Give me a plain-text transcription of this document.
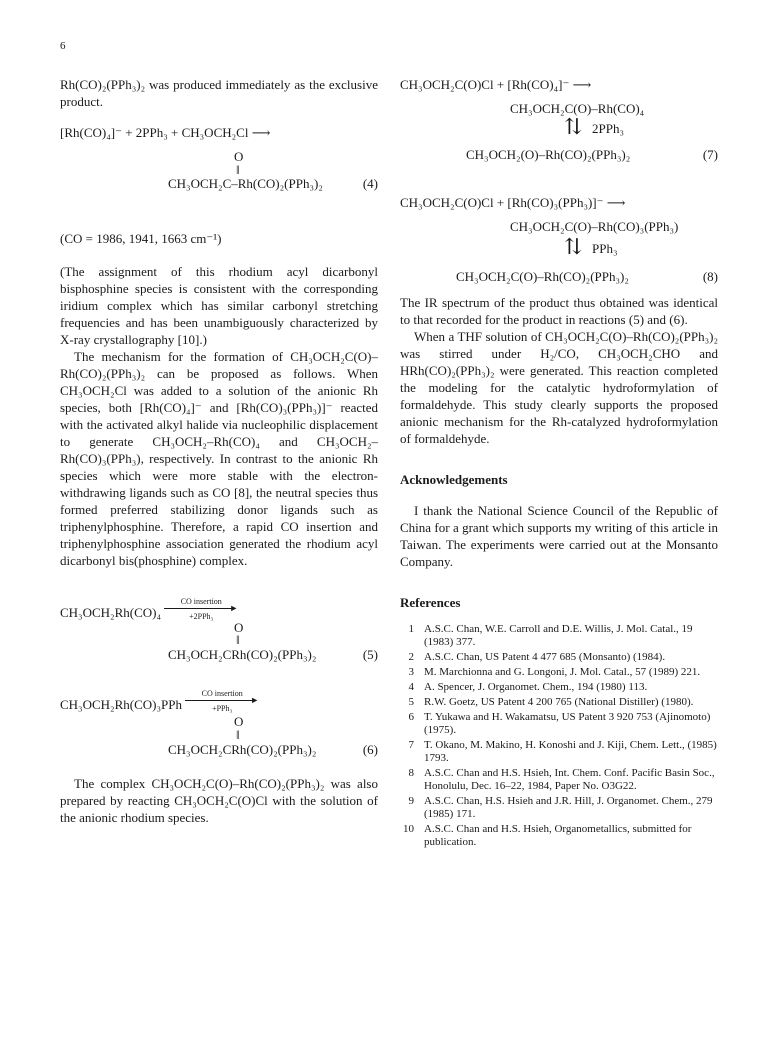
6

Rh(CO)₂(PPh₃)₂ was produced immediately as the exclusive product.

[Rh(CO)₄]⁻ + 2PPh₃ + CH₃OCH₂Cl ⟶
O
‖
CH₃OCH₂C–Rh(CO)₂(PPh₃)₂	(4)
(CO = 1986, 1941, 1663 cm⁻¹)

(The assignment of this rhodium acyl dicarbonyl bisphosphine species is consistent with the corresponding iridium complex which has similar carbonyl stretching frequencies and has been unambiguously characterized by X-ray crystallography [10].)

The mechanism for the formation of CH₃OCH₂C(O)–Rh(CO)₂(PPh₃)₂ can be proposed as follows. When CH₃OCH₂Cl was added to a solution of the anionic Rh species, both [Rh(CO)₄]⁻ and [Rh(CO)₃(PPh₃)]⁻ reacted with the activated alkyl halide via nucleophilic displacement to generate CH₃OCH₂–Rh(CO)₄ and CH₃OCH₂–Rh(CO)₃(PPh₃), respectively. In contrast to the anionic Rh species which were more stable with the electron-withdrawing ligands such as CO [8], the neutral species thus formed preferred stabilizing donor ligands such as triphenylphosphine. Therefore, a rapid CO insertion and triphenylphosphine association generated the rhodium acyl dicarbonyl bis(phosphine) complex.

CH₃OCH₂Rh(CO)₄
CO insertion
►
+2PPh₃
O
‖
CH₃OCH₂CRh(CO)₂(PPh₃)₂	(5)
CH₃OCH₂Rh(CO)₃PPh
CO insertion
►
+PPh₃
O
‖
CH₃OCH₂CRh(CO)₂(PPh₃)₂	(6)

The complex CH₃OCH₂C(O)–Rh(CO)₂(PPh₃)₂ was also prepared by reacting CH₃OCH₂C(O)Cl with the solution of the anionic rhodium species.

CH₃OCH₂C(O)Cl + [Rh(CO)₄]⁻ ⟶
CH₃OCH₂C(O)–Rh(CO)₄
⇅ 2PPh₃
CH₃OCH₂(O)–Rh(CO)₂(PPh₃)₂	(7)
CH₃OCH₂C(O)Cl + [Rh(CO)₃(PPh₃)]⁻ ⟶
CH₃OCH₂C(O)–Rh(CO)₃(PPh₃)
⇅ PPh₃
CH₃OCH₂C(O)–Rh(CO)₂(PPh₃)₂	(8)

The IR spectrum of the product thus obtained was identical to that recorded for the product in reactions (5) and (6).

When a THF solution of CH₃OCH₂C(O)–Rh(CO)₂(PPh₃)₂ was stirred under H₂/CO, CH₃OCH₂CHO and HRh(CO)₂(PPh₃)₂ were generated. This reaction completed the modeling for the catalytic hydroformylation of formaldehyde. This study clearly supports the proposed anionic mechanism for the Rh-catalyzed hydroformylation of formaldehyde.

Acknowledgements

I thank the National Science Council of the Republic of China for a grant which supports my writing of this article in Taiwan. The experiments were carried out at the Monsanto Company.

References

1 A.S.C. Chan, W.E. Carroll and D.E. Willis, J. Mol. Catal., 19 (1983) 377.

2 A.S.C. Chan, US Patent 4 477 685 (Monsanto) (1984).

3 M. Marchionna and G. Longoni, J. Mol. Catal., 57 (1989) 221.

4 A. Spencer, J. Organomet. Chem., 194 (1980) 113.

5 R.W. Goetz, US Patent 4 200 765 (National Distiller) (1980).

6 T. Yukawa and H. Wakamatsu, US Patent 3 920 753 (Ajinomoto) (1975).

7 T. Okano, M. Makino, H. Konoshi and J. Kiji, Chem. Lett., (1985) 1793.

8 A.S.C. Chan and H.S. Hsieh, Int. Chem. Conf. Pacific Basin Soc., Honolulu, Dec. 16–22, 1984, Paper No. O3G22.

9 A.S.C. Chan, H.S. Hsieh and J.R. Hill, J. Organomet. Chem., 279 (1985) 171.

10 A.S.C. Chan and H.S. Hsieh, Organometallics, submitted for publication.
